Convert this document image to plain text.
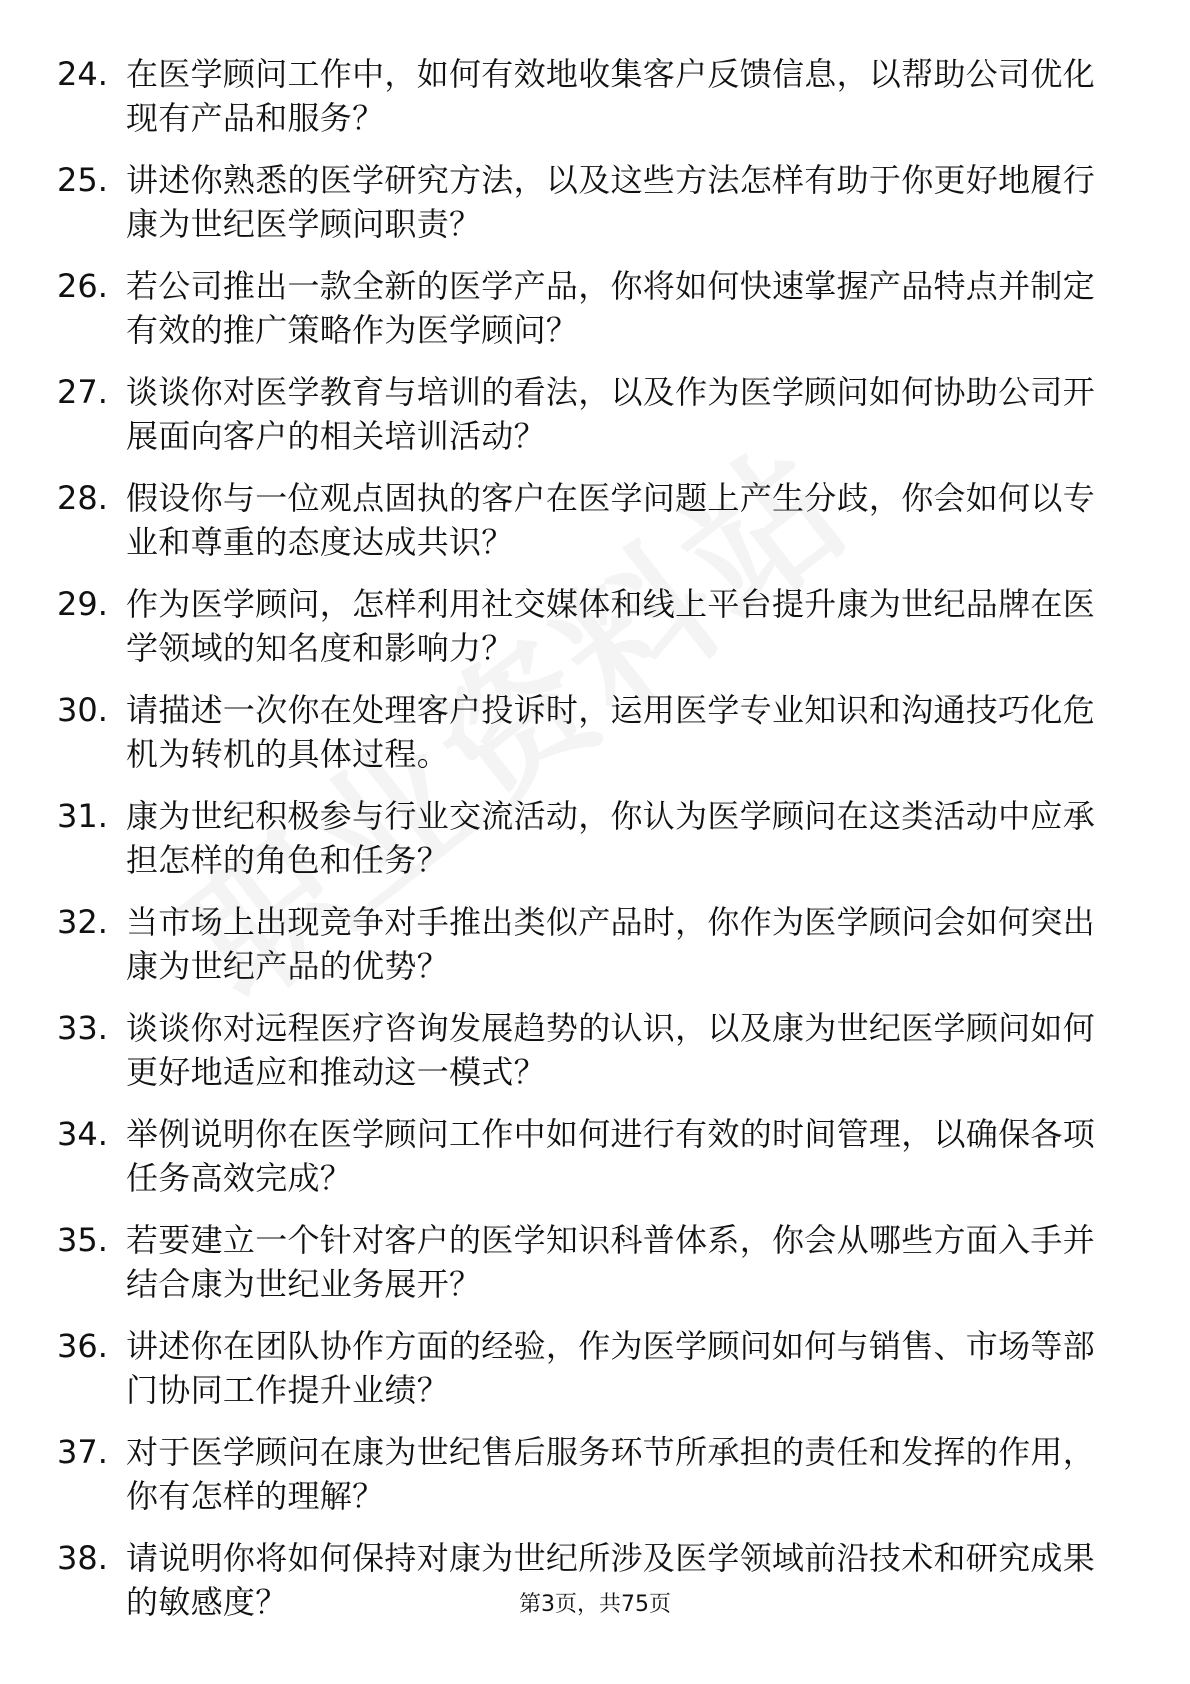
24. 在医学顾问工作中，如何有效地收集客户反馈信息，以帮助公司优化现有产品和服务？
25. 讲述你熟悉的医学研究方法，以及这些方法怎样有助于你更好地履行康为世纪医学顾问职责？
26. 若公司推出一款全新的医学产品，你将如何快速掌握产品特点并制定有效的推广策略作为医学顾问？
27. 谈谈你对医学教育与培训的看法，以及作为医学顾问如何协助公司开展面向客户的相关培训活动？
28. 假设你与一位观点固执的客户在医学问题上产生分歧，你会如何以专业和尊重的态度达成共识？
29. 作为医学顾问，怎样利用社交媒体和线上平台提升康为世纪品牌在医学领域的知名度和影响力？
30. 请描述一次你在处理客户投诉时，运用医学专业知识和沟通技巧化危机为转机的具体过程。
31. 康为世纪积极参与行业交流活动，你认为医学顾问在这类活动中应承担怎样的角色和任务？
32. 当市场上出现竞争对手推出类似产品时，你作为医学顾问会如何突出康为世纪产品的优势？
33. 谈谈你对远程医疗咨询发展趋势的认识，以及康为世纪医学顾问如何更好地适应和推动这一模式？
34. 举例说明你在医学顾问工作中如何进行有效的时间管理，以确保各项任务高效完成？
35. 若要建立一个针对客户的医学知识科普体系，你会从哪些方面入手并结合康为世纪业务展开？
36. 讲述你在团队协作方面的经验，作为医学顾问如何与销售、市场等部门协同工作提升业绩？
37. 对于医学顾问在康为世纪售后服务环节所承担的责任和发挥的作用，你有怎样的理解？
38. 请说明你将如何保持对康为世纪所涉及医学领域前沿技术和研究成果的敏感度？	第3页，共75页
